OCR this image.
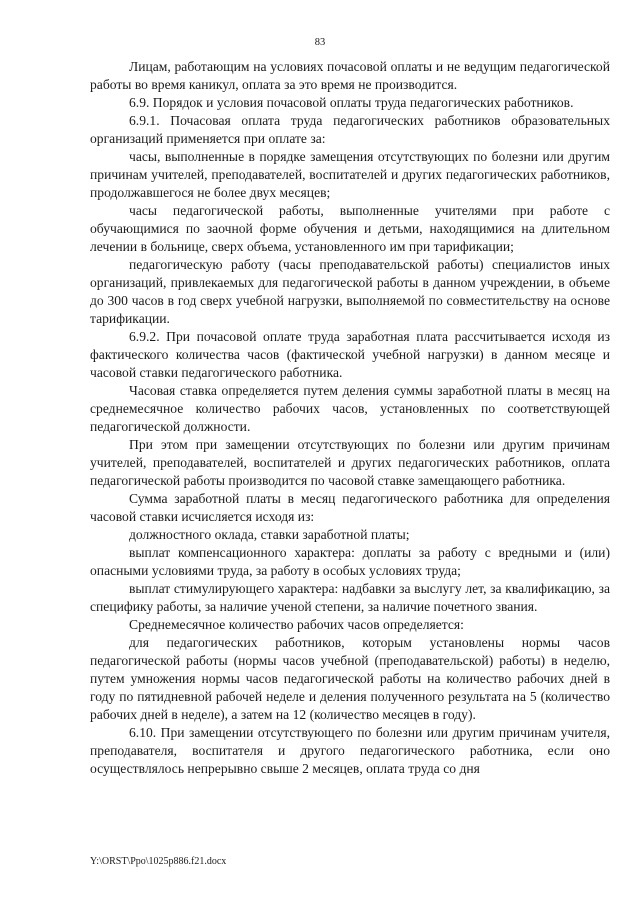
83

Лицам, работающим на условиях почасовой оплаты и не ведущим педагогической работы во время каникул, оплата за это время не производится.

6.9. Порядок и условия почасовой оплаты труда педагогических работников.

6.9.1. Почасовая оплата труда педагогических работников образовательных организаций применяется при оплате за:

часы, выполненные в порядке замещения отсутствующих по болезни или другим причинам учителей, преподавателей, воспитателей и других педагогических работников, продолжавшегося не более двух месяцев;

часы педагогической работы, выполненные учителями при работе с обучающимися по заочной форме обучения и детьми, находящимися на длительном лечении в больнице, сверх объема, установленного им при тарификации;

педагогическую работу (часы преподавательской работы) специалистов иных организаций, привлекаемых для педагогической работы в данном учреждении, в объеме до 300 часов в год сверх учебной нагрузки, выполняемой по совместительству на основе тарификации.

6.9.2. При почасовой оплате труда заработная плата рассчитывается исходя из фактического количества часов (фактической учебной нагрузки) в данном месяце и часовой ставки педагогического работника.

Часовая ставка определяется путем деления суммы заработной платы в месяц на среднемесячное количество рабочих часов, установленных по соответствующей педагогической должности.

При этом при замещении отсутствующих по болезни или другим причинам учителей, преподавателей, воспитателей и других педагогических работников, оплата педагогической работы производится по часовой ставке замещающего работника.

Сумма заработной платы в месяц педагогического работника для определения часовой ставки исчисляется исходя из:

должностного оклада, ставки заработной платы;

выплат компенсационного характера: доплаты за работу с вредными и (или) опасными условиями труда, за работу в особых условиях труда;

выплат стимулирующего характера: надбавки за выслугу лет, за квалификацию, за специфику работы, за наличие ученой степени, за наличие почетного звания.

Среднемесячное количество рабочих часов определяется:

для педагогических работников, которым установлены нормы часов педагогической работы (нормы часов учебной (преподавательской) работы) в неделю, путем умножения нормы часов педагогической работы на количество рабочих дней в году по пятидневной рабочей неделе и деления полученного результата на 5 (количество рабочих дней в неделе), а затем на 12 (количество месяцев в году).

6.10. При замещении отсутствующего по болезни или другим причинам учителя, преподавателя, воспитателя и другого педагогического работника, если оно осуществлялось непрерывно свыше 2 месяцев, оплата труда со дня

Y:\ORST\Ppo\1025p886.f21.docx
